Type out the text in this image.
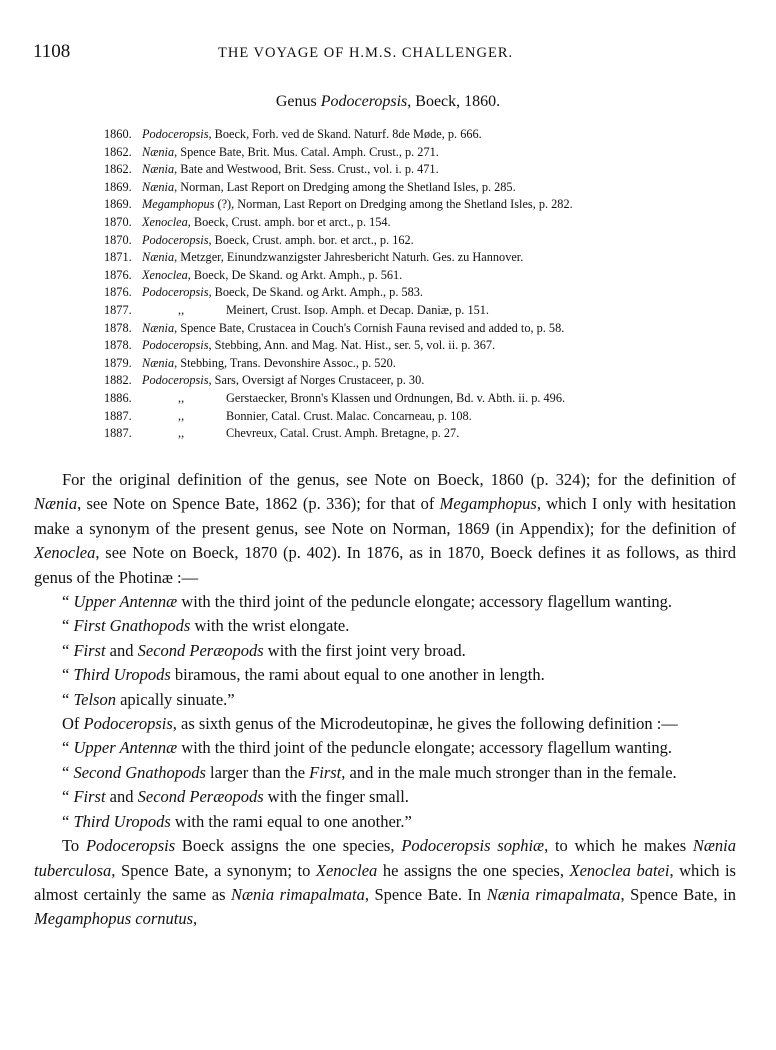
1108	THE VOYAGE OF H.M.S. CHALLENGER.
Genus Podoceropsis, Boeck, 1860.
1860. Podoceropsis, Boeck, Forh. ved de Skand. Naturf. 8de Møde, p. 666.
1862. Nænia, Spence Bate, Brit. Mus. Catal. Amph. Crust., p. 271.
1862. Nænia, Bate and Westwood, Brit. Sess. Crust., vol. i. p. 471.
1869. Nænia, Norman, Last Report on Dredging among the Shetland Isles, p. 285.
1869. Megamphopus (?), Norman, Last Report on Dredging among the Shetland Isles, p. 282.
1870. Xenoclea, Boeck, Crust. amph. bor et arct., p. 154.
1870. Podoceropsis, Boeck, Crust. amph. bor. et arct., p. 162.
1871. Nænia, Metzger, Einundzwanzigster Jahresbericht Naturh. Ges. zu Hannover.
1876. Xenoclea, Boeck, De Skand. og Arkt. Amph., p. 561.
1876. Podoceropsis, Boeck, De Skand. og Arkt. Amph., p. 583.
1877.	,,	Meinert, Crust. Isop. Amph. et Decap. Daniæ, p. 151.
1878. Nænia, Spence Bate, Crustacea in Couch's Cornish Fauna revised and added to, p. 58.
1878. Podoceropsis, Stebbing, Ann. and Mag. Nat. Hist., ser. 5, vol. ii. p. 367.
1879. Nænia, Stebbing, Trans. Devonshire Assoc., p. 520.
1882. Podoceropsis, Sars, Oversigt af Norges Crustaceer, p. 30.
1886.	,,	Gerstaecker, Bronn's Klassen und Ordnungen, Bd. v. Abth. ii. p. 496.
1887.	,,	Bonnier, Catal. Crust. Malac. Concarneau, p. 108.
1887.	,,	Chevreux, Catal. Crust. Amph. Bretagne, p. 27.

For the original definition of the genus, see Note on Boeck, 1860 (p. 324); for the definition of Nænia, see Note on Spence Bate, 1862 (p. 336); for that of Megamphopus, which I only with hesitation make a synonym of the present genus, see Note on Norman, 1869 (in Appendix); for the definition of Xenoclea, see Note on Boeck, 1870 (p. 402). In 1876, as in 1870, Boeck defines it as follows, as third genus of the Photinæ :—

“ Upper Antennæ with the third joint of the peduncle elongate; accessory flagellum wanting.

“ First Gnathopods with the wrist elongate.

“ First and Second Peræopods with the first joint very broad.

“ Third Uropods biramous, the rami about equal to one another in length.

“ Telson apically sinuate.”

Of Podoceropsis, as sixth genus of the Microdeutopinæ, he gives the following definition :—

“ Upper Antennæ with the third joint of the peduncle elongate; accessory flagellum wanting.

“ Second Gnathopods larger than the First, and in the male much stronger than in the female.

“ First and Second Peræopods with the finger small.

“ Third Uropods with the rami equal to one another.”

To Podoceropsis Boeck assigns the one species, Podoceropsis sophiæ, to which he makes Nænia tuberculosa, Spence Bate, a synonym; to Xenoclea he assigns the one species, Xenoclea batei, which is almost certainly the same as Nænia rimapalmata, Spence Bate. In Nænia rimapalmata, Spence Bate, in Megamphopus cornutus,
